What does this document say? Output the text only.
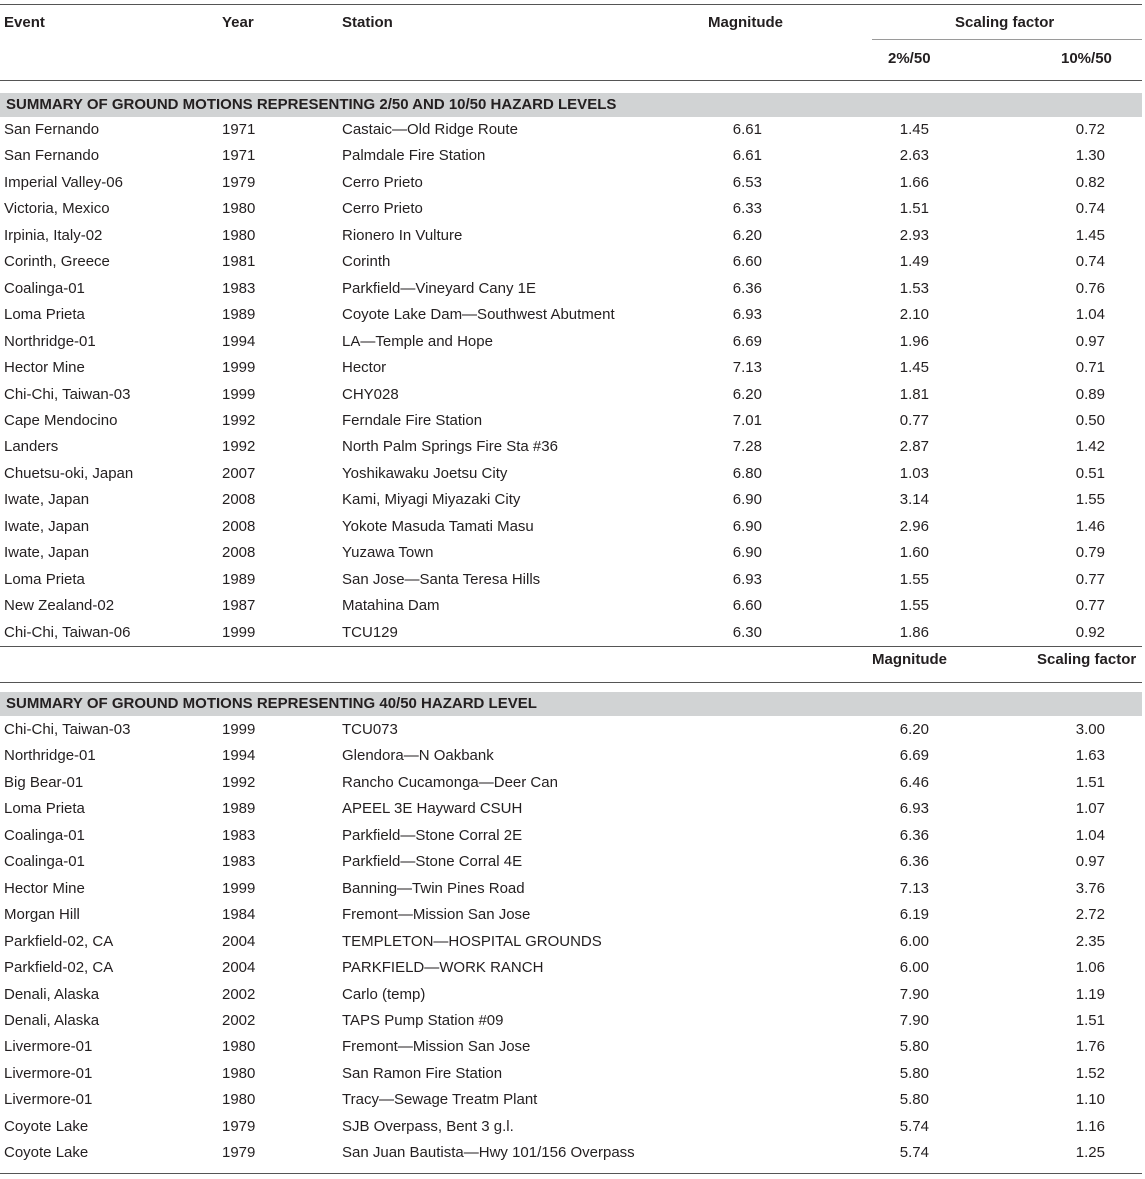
Event	Year	Station	Magnitude	Scaling factor
2%/50	10%/50
SUMMARY OF GROUND MOTIONS REPRESENTING 2/50 AND 10/50 HAZARD LEVELS
San Fernando	1971	Castaic—Old Ridge Route	6.61	1.45	0.72
San Fernando	1971	Palmdale Fire Station	6.61	2.63	1.30
Imperial Valley-06	1979	Cerro Prieto	6.53	1.66	0.82
Victoria, Mexico	1980	Cerro Prieto	6.33	1.51	0.74
Irpinia, Italy-02	1980	Rionero In Vulture	6.20	2.93	1.45
Corinth, Greece	1981	Corinth	6.60	1.49	0.74
Coalinga-01	1983	Parkfield—Vineyard Cany 1E	6.36	1.53	0.76
Loma Prieta	1989	Coyote Lake Dam—Southwest Abutment	6.93	2.10	1.04
Northridge-01	1994	LA—Temple and Hope	6.69	1.96	0.97
Hector Mine	1999	Hector	7.13	1.45	0.71
Chi-Chi, Taiwan-03	1999	CHY028	6.20	1.81	0.89
Cape Mendocino	1992	Ferndale Fire Station	7.01	0.77	0.50
Landers	1992	North Palm Springs Fire Sta #36	7.28	2.87	1.42
Chuetsu-oki, Japan	2007	Yoshikawaku Joetsu City	6.80	1.03	0.51
Iwate, Japan	2008	Kami, Miyagi Miyazaki City	6.90	3.14	1.55
Iwate, Japan	2008	Yokote Masuda Tamati Masu	6.90	2.96	1.46
Iwate, Japan	2008	Yuzawa Town	6.90	1.60	0.79
Loma Prieta	1989	San Jose—Santa Teresa Hills	6.93	1.55	0.77
New Zealand-02	1987	Matahina Dam	6.60	1.55	0.77
Chi-Chi, Taiwan-06	1999	TCU129	6.30	1.86	0.92
Magnitude	Scaling factor
SUMMARY OF GROUND MOTIONS REPRESENTING 40/50 HAZARD LEVEL
Chi-Chi, Taiwan-03	1999	TCU073	6.20	3.00
Northridge-01	1994	Glendora—N Oakbank	6.69	1.63
Big Bear-01	1992	Rancho Cucamonga—Deer Can	6.46	1.51
Loma Prieta	1989	APEEL 3E Hayward CSUH	6.93	1.07
Coalinga-01	1983	Parkfield—Stone Corral 2E	6.36	1.04
Coalinga-01	1983	Parkfield—Stone Corral 4E	6.36	0.97
Hector Mine	1999	Banning—Twin Pines Road	7.13	3.76
Morgan Hill	1984	Fremont—Mission San Jose	6.19	2.72
Parkfield-02, CA	2004	TEMPLETON—HOSPITAL GROUNDS	6.00	2.35
Parkfield-02, CA	2004	PARKFIELD—WORK RANCH	6.00	1.06
Denali, Alaska	2002	Carlo (temp)	7.90	1.19
Denali, Alaska	2002	TAPS Pump Station #09	7.90	1.51
Livermore-01	1980	Fremont—Mission San Jose	5.80	1.76
Livermore-01	1980	San Ramon Fire Station	5.80	1.52
Livermore-01	1980	Tracy—Sewage Treatm Plant	5.80	1.10
Coyote Lake	1979	SJB Overpass, Bent 3 g.l.	5.74	1.16
Coyote Lake	1979	San Juan Bautista—Hwy 101/156 Overpass	5.74	1.25
